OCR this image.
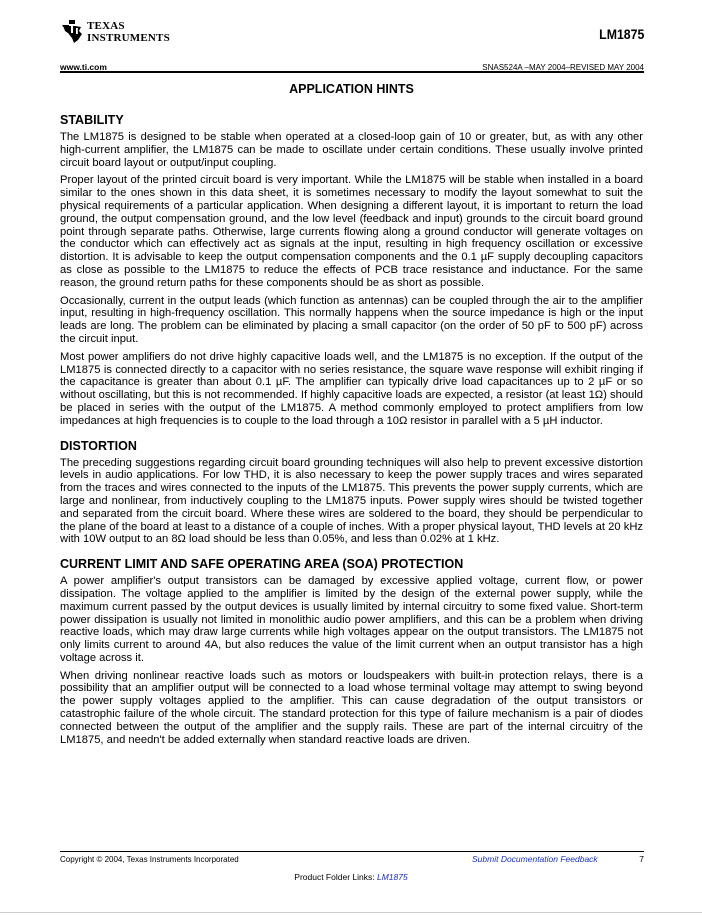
TEXAS
INSTRUMENTS	LM1875
www.ti.com	SNAS524A –MAY 2004–REVISED MAY 2004
APPLICATION HINTS
STABILITY

The LM1875 is designed to be stable when operated at a closed-loop gain of 10 or greater, but, as with any other high-current amplifier, the LM1875 can be made to oscillate under certain conditions. These usually involve printed circuit board layout or output/input coupling.

Proper layout of the printed circuit board is very important. While the LM1875 will be stable when installed in a board similar to the ones shown in this data sheet, it is sometimes necessary to modify the layout somewhat to suit the physical requirements of a particular application. When designing a different layout, it is important to return the load ground, the output compensation ground, and the low level (feedback and input) grounds to the circuit board ground point through separate paths. Otherwise, large currents flowing along a ground conductor will generate voltages on the conductor which can effectively act as signals at the input, resulting in high frequency oscillation or excessive distortion. It is advisable to keep the output compensation components and the 0.1 µF supply decoupling capacitors as close as possible to the LM1875 to reduce the effects of PCB trace resistance and inductance. For the same reason, the ground return paths for these components should be as short as possible.

Occasionally, current in the output leads (which function as antennas) can be coupled through the air to the amplifier input, resulting in high-frequency oscillation. This normally happens when the source impedance is high or the input leads are long. The problem can be eliminated by placing a small capacitor (on the order of 50 pF to 500 pF) across the circuit input.

Most power amplifiers do not drive highly capacitive loads well, and the LM1875 is no exception. If the output of the LM1875 is connected directly to a capacitor with no series resistance, the square wave response will exhibit ringing if the capacitance is greater than about 0.1 µF. The amplifier can typically drive load capacitances up to 2 µF or so without oscillating, but this is not recommended. If highly capacitive loads are expected, a resistor (at least 1Ω) should be placed in series with the output of the LM1875. A method commonly employed to protect amplifiers from low impedances at high frequencies is to couple to the load through a 10Ω resistor in parallel with a 5 µH inductor.

DISTORTION

The preceding suggestions regarding circuit board grounding techniques will also help to prevent excessive distortion levels in audio applications. For low THD, it is also necessary to keep the power supply traces and wires separated from the traces and wires connected to the inputs of the LM1875. This prevents the power supply currents, which are large and nonlinear, from inductively coupling to the LM1875 inputs. Power supply wires should be twisted together and separated from the circuit board. Where these wires are soldered to the board, they should be perpendicular to the plane of the board at least to a distance of a couple of inches. With a proper physical layout, THD levels at 20 kHz with 10W output to an 8Ω load should be less than 0.05%, and less than 0.02% at 1 kHz.

CURRENT LIMIT AND SAFE OPERATING AREA (SOA) PROTECTION

A power amplifier's output transistors can be damaged by excessive applied voltage, current flow, or power dissipation. The voltage applied to the amplifier is limited by the design of the external power supply, while the maximum current passed by the output devices is usually limited by internal circuitry to some fixed value. Short-term power dissipation is usually not limited in monolithic audio power amplifiers, and this can be a problem when driving reactive loads, which may draw large currents while high voltages appear on the output transistors. The LM1875 not only limits current to around 4A, but also reduces the value of the limit current when an output transistor has a high voltage across it.

When driving nonlinear reactive loads such as motors or loudspeakers with built-in protection relays, there is a possibility that an amplifier output will be connected to a load whose terminal voltage may attempt to swing beyond the power supply voltages applied to the amplifier. This can cause degradation of the output transistors or catastrophic failure of the whole circuit. The standard protection for this type of failure mechanism is a pair of diodes connected between the output of the amplifier and the supply rails. These are part of the internal circuitry of the LM1875, and needn't be added externally when standard reactive loads are driven.

Copyright © 2004, Texas Instruments Incorporated	Submit Documentation Feedback	7
Product Folder Links: LM1875
